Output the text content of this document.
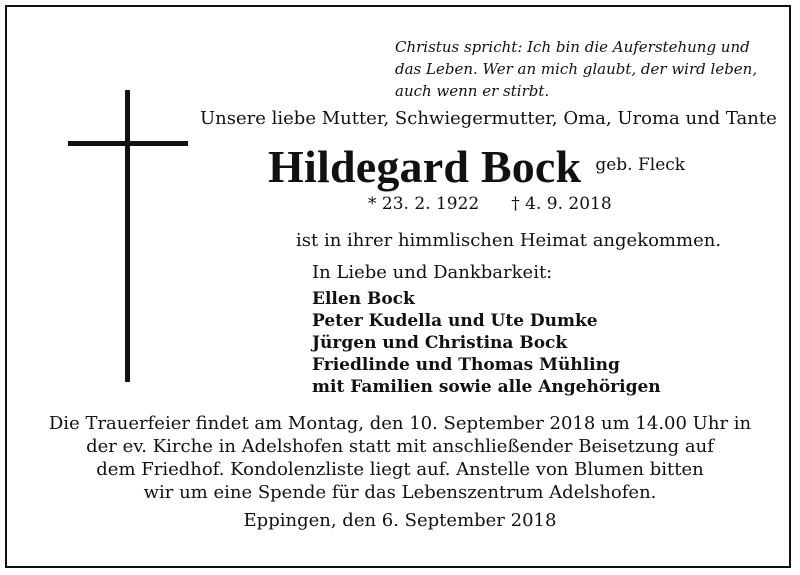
Christus spricht: Ich bin die Auferstehung und
das Leben. Wer an mich glaubt, der wird leben,
auch wenn er stirbt.
Unsere liebe Mutter, Schwiegermutter, Oma, Uroma und Tante
Hildegard Bock geb. Fleck
* 23. 2. 1922 † 4. 9. 2018
ist in ihrer himmlischen Heimat angekommen.
In Liebe und Dankbarkeit:
Ellen Bock
Peter Kudella und Ute Dumke
Jürgen und Christina Bock
Friedlinde und Thomas Mühling
mit Familien sowie alle Angehörigen
Die Trauerfeier findet am Montag, den 10. September 2018 um 14.00 Uhr in
der ev. Kirche in Adelshofen statt mit anschließender Beisetzung auf
dem Friedhof. Kondolenzliste liegt auf. Anstelle von Blumen bitten
wir um eine Spende für das Lebenszentrum Adelshofen.
Eppingen, den 6. September 2018
